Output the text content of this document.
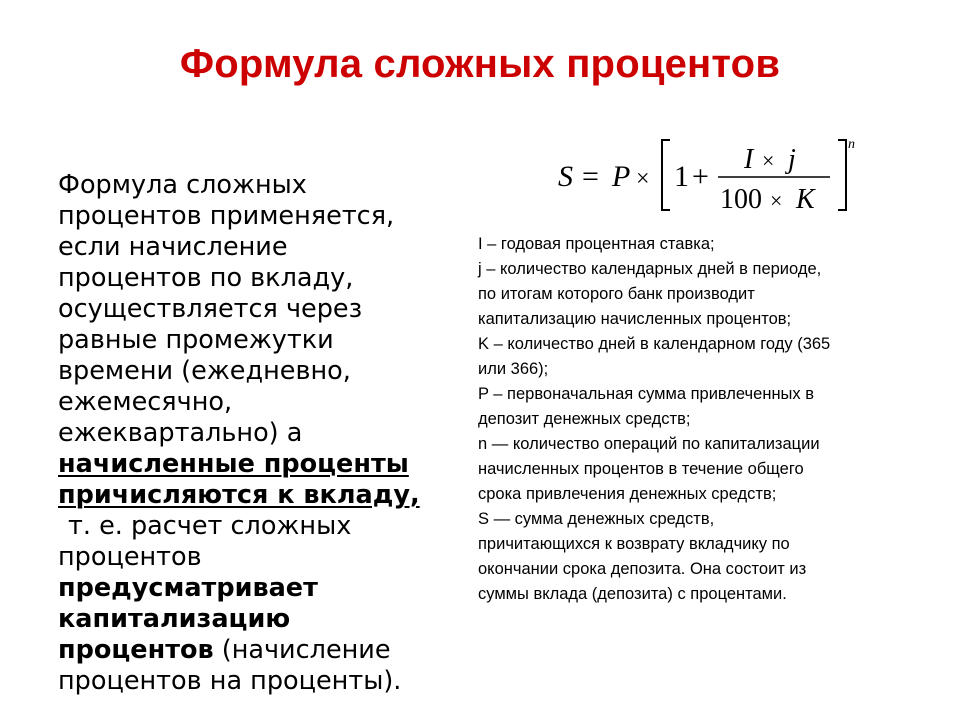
Формула сложных процентов
S = P × 1 +
I × j
100 × K
n
Формула сложных
процентов применяется,
если начисление
процентов по вкладу,
осуществляется через
равные промежутки
времени (ежедневно,
ежемесячно,
ежеквартально) а
начисленные проценты
причисляются к вкладу,
т. е. расчет сложных
процентов
предусматривает
капитализацию
процентов (начисление
процентов на проценты).
I – годовая процентная ставка;
j – количество календарных дней в периоде,
по итогам которого банк производит
капитализацию начисленных процентов;
K – количество дней в календарном году (365
или 366);
P – первоначальная сумма привлеченных в
депозит денежных средств;
n — количество операций по капитализации
начисленных процентов в течение общего
срока привлечения денежных средств;
S — сумма денежных средств,
причитающихся к возврату вкладчику по
окончании срока депозита. Она состоит из
суммы вклада (депозита) с процентами.
